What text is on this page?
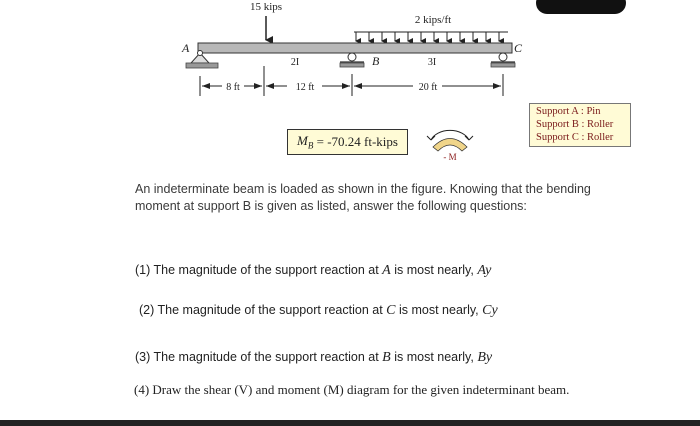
15 kips
2 kips/ft
A
B
C
2I	3I
8 ft	12 ft	20 ft
- M
$M_B = -70.24$ ft-kips
Support A : Pin
Support B : Roller
Support C : Roller
An indeterminate beam is loaded as shown in the figure. Knowing that the bending moment at support B is given as listed, answer the following questions:
(1) The magnitude of the support reaction at A is most nearly, Ay
(2) The magnitude of the support reaction at C is most nearly, Cy
(3) The magnitude of the support reaction at B is most nearly, By
(4) Draw the shear (V) and moment (M) diagram for the given indeterminant beam.
